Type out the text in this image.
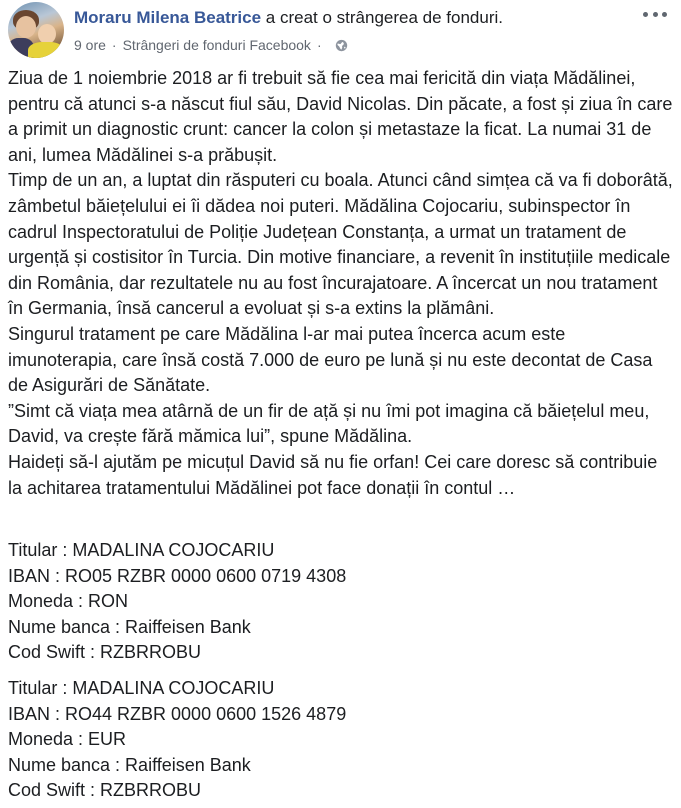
Moraru Milena Beatrice a creat o strângerea de fonduri.
9 ore · Strângeri de fonduri Facebook ·

Ziua de 1 noiembrie 2018 ar fi trebuit să fie cea mai fericită din viața Mădălinei, pentru că atunci s-a născut fiul său, David Nicolas. Din păcate, a fost și ziua în care a primit un diagnostic crunt: cancer la colon și metastaze la ficat. La numai 31 de ani, lumea Mădălinei s-a prăbușit.

Timp de un an, a luptat din răsputeri cu boala. Atunci când simțea că va fi doborâtă, zâmbetul băiețelului ei îi dădea noi puteri. Mădălina Cojocariu, subinspector în cadrul Inspectoratului de Poliție Județean Constanța, a urmat un tratament de urgență și costisitor în Turcia. Din motive financiare, a revenit în instituțiile medicale din România, dar rezultatele nu au fost încurajatoare. A încercat un nou tratament în Germania, însă cancerul a evoluat și s-a extins la plămâni.

Singurul tratament pe care Mădălina l-ar mai putea încerca acum este imunoterapia, care însă costă 7.000 de euro pe lună și nu este decontat de Casa de Asigurări de Sănătate.

”Simt că viața mea atârnă de un fir de ață și nu îmi pot imagina că băiețelul meu, David, va crește fără mămica lui”, spune Mădălina.

Haideți să-l ajutăm pe micuțul David să nu fie orfan! Cei care doresc să contribuie la achitarea tratamentului Mădălinei pot face donații în contul …

Titular : MADALINA COJOCARIU
IBAN : RO05 RZBR 0000 0600 0719 4308
Moneda : RON
Nume banca : Raiffeisen Bank
Cod Swift : RZBRROBU
Titular : MADALINA COJOCARIU
IBAN : RO44 RZBR 0000 0600 1526 4879
Moneda : EUR
Nume banca : Raiffeisen Bank
Cod Swift : RZBRROBU
